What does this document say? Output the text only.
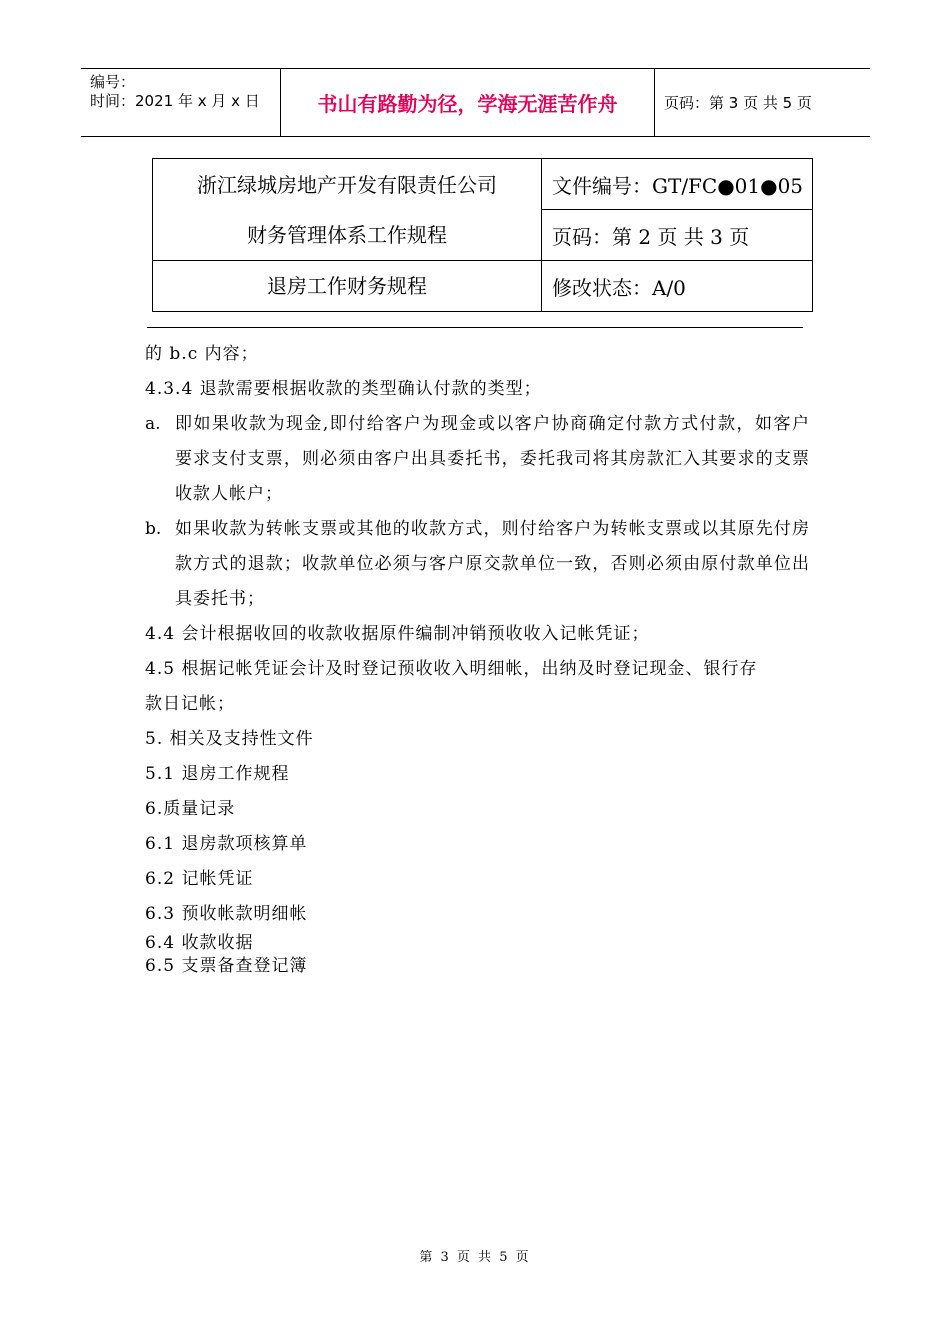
编号：
时间：2021 年 x 月 x 日	书山有路勤为径，学海无涯苦作舟	页码：第 3 页 共 5 页
浙江绿城房地产开发有限责任公司
财务管理体系工作规程	文件编号：GT/FC●01●05
	页码：第 2 页 共 3 页
退房工作财务规程	修改状态：A/0
的 b.c 内容；
4.3.4 退款需要根据收款的类型确认付款的类型；
a. 即如果收款为现金,即付给客户为现金或以客户协商确定付款方式付款，如客户要求支付支票，则必须由客户出具委托书，委托我司将其房款汇入其要求的支票收款人帐户；
b. 如果收款为转帐支票或其他的收款方式，则付给客户为转帐支票或以其原先付房款方式的退款；收款单位必须与客户原交款单位一致，否则必须由原付款单位出具委托书；
4.4 会计根据收回的收款收据原件编制冲销预收收入记帐凭证；
4.5 根据记帐凭证会计及时登记预收收入明细帐，出纳及时登记现金、银行存
款日记帐；
5. 相关及支持性文件
5.1 退房工作规程
6.质量记录
6.1 退房款项核算单
6.2 记帐凭证
6.3 预收帐款明细帐
6.4 收款收据
6.5 支票备查登记簿
第 3 页 共 5 页
